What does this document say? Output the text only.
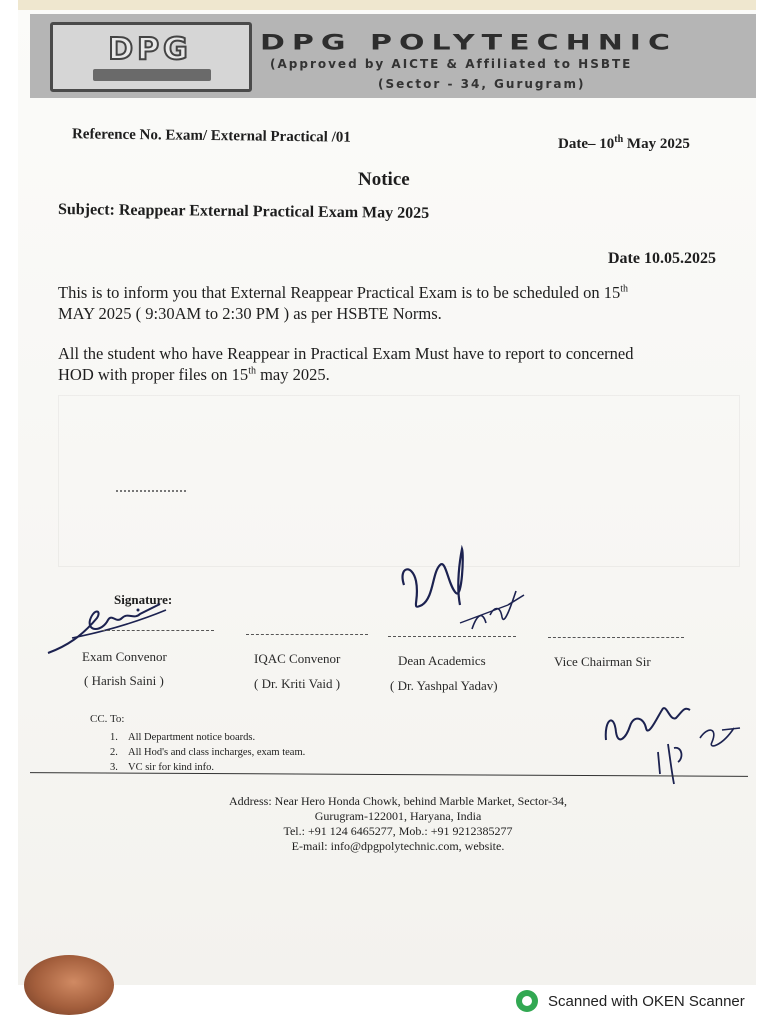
DPG	DPG POLYTECHNIC
(Approved by AICTE & Affiliated to HSBTE
(Sector - 34, Gurugram)
Reference No. Exam/ External Practical /01	Date– 10th May 2025
Notice
Subject: Reappear External Practical Exam May 2025
Date 10.05.2025
This is to inform you that External Reappear Practical Exam is to be scheduled on 15th
MAY 2025 ( 9:30AM to 2:30 PM ) as per HSBTE Norms.
All the student who have Reappear in Practical Exam Must have to report to concerned
HOD with proper files on 15th may 2025.
Signature:
Exam Convenor
( Harish Saini )
IQAC Convenor
( Dr. Kriti Vaid )
Dean Academics
( Dr. Yashpal Yadav)
Vice Chairman Sir
CC. To:
1. All Department notice boards.
2. All Hod's and class incharges, exam team.
3. VC sir for kind info.
Address: Near Hero Honda Chowk, behind Marble Market, Sector-34,
Gurugram-122001, Haryana, India
Tel.: +91 124 6465277, Mob.: +91 9212385277
E-mail: info@dpgpolytechnic.com, website.
Scanned with OKEN Scanner
